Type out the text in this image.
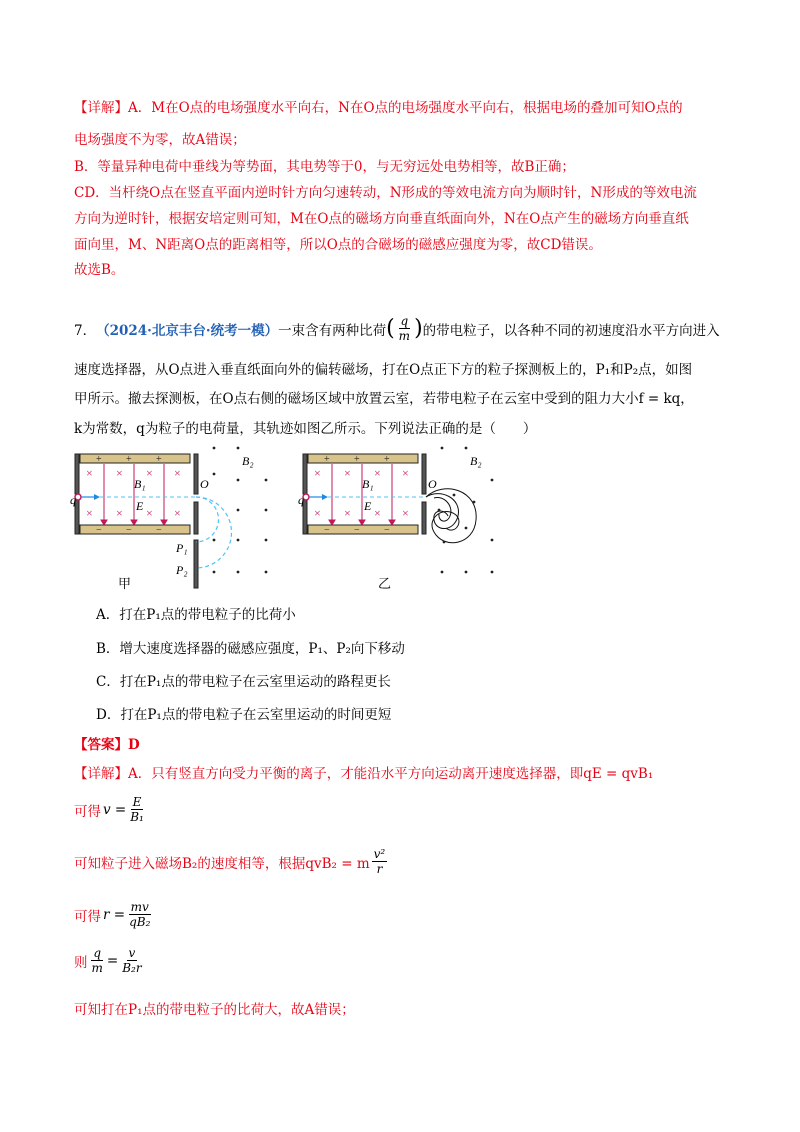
【详解】A．M在O点的电场强度水平向右，N在O点的电场强度水平向右，根据电场的叠加可知O点的
电场强度不为零，故A错误；
B．等量异种电荷中垂线为等势面，其电势等于0，与无穷远处电势相等，故B正确；
CD．当杆绕O点在竖直平面内逆时针方向匀速转动，N形成的等效电流方向为顺时针，N形成的等效电流
方向为逆时针，根据安培定则可知，M在O点的磁场方向垂直纸面向外，N在O点产生的磁场方向垂直纸
面向里，M、N距离O点的距离相等，所以O点的合磁场的磁感应强度为零，故CD错误。
故选B。
7． （2024·北京丰台·统考一模） 一束含有两种比荷 ( $\frac{q}{m}$ ) 的带电粒子，以各种不同的初速度沿水平方向进入
速度选择器，从O点进入垂直纸面向外的偏转磁场，打在O点正下方的粒子探测板上的，P₁和P₂点，如图
甲所示。撤去探测板，在O点右侧的磁场区域中放置云室，若带电粒子在云室中受到的阻力大小f = kq，
k为常数，q为粒子的电荷量，其轨迹如图乙所示。下列说法正确的是（　　）
+ + +
− − −
× × × ×
× × × ×
q
B₁
E
O
B₂
P₁
P₂
+ + +
− − −
× × × ×
× × × ×
q
B₁
E
O
B₂
甲	乙
A．打在P₁点的带电粒子的比荷小
B．增大速度选择器的磁感应强度，P₁、P₂向下移动
C．打在P₁点的带电粒子在云室里运动的路程更长
D．打在P₁点的带电粒子在云室里运动的时间更短
【答案】D
【详解】A．只有竖直方向受力平衡的离子，才能沿水平方向运动离开速度选择器，即qE = qvB₁
可得 $v = \frac{E}{\text{B₁}}$
可知粒子进入磁场B₂的速度相等，根据qvB₂ = m $\frac{\text{v²}}{r}$
可得 $r = \frac{mv}{\text{qB₂}}$
则 $\frac{q}{m} = \frac{v}{\text{B₂r}}$
可知打在P₁点的带电粒子的比荷大，故A错误；
